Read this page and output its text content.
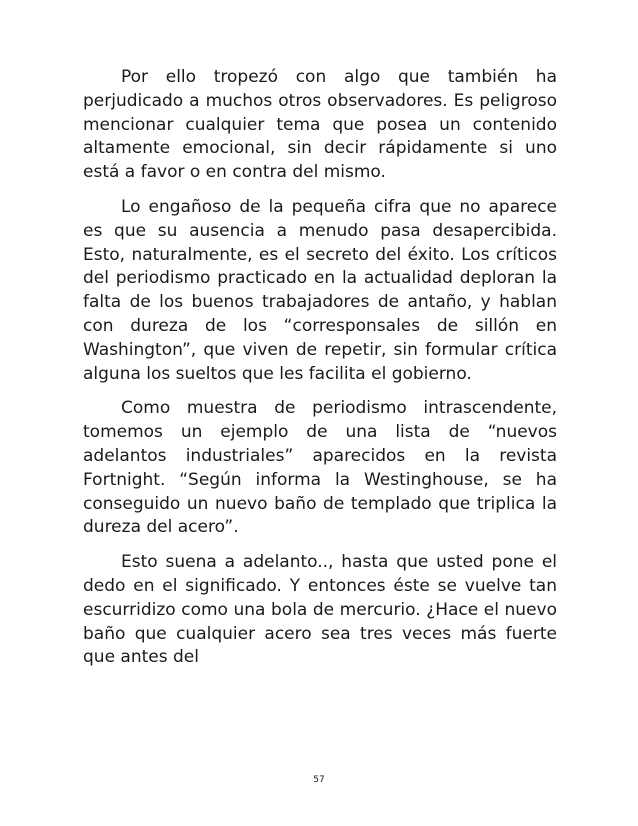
Por ello tropezó con algo que también ha perjudicado a muchos otros observadores. Es peligroso mencionar cualquier tema que posea un contenido altamente emocional, sin decir rápidamente si uno está a favor o en contra del mismo.

Lo engañoso de la pequeña cifra que no aparece es que su ausencia a menudo pasa desapercibida. Esto, naturalmente, es el secreto del éxito. Los críticos del periodismo practicado en la actualidad deploran la falta de los buenos trabajadores de antaño, y hablan con dureza de los “corresponsales de sillón en Washington”, que viven de repetir, sin formular crítica alguna los sueltos que les facilita el gobierno.

Como muestra de periodismo intrascendente, tomemos un ejemplo de una lista de “nuevos adelantos industriales” aparecidos en la revista Fortnight. “Según informa la Westinghouse, se ha conseguido un nuevo baño de templado que triplica la dureza del acero”.

Esto suena a adelanto.., hasta que usted pone el dedo en el significado. Y entonces éste se vuelve tan escurridizo como una bola de mercurio. ¿Hace el nuevo baño que cualquier acero sea tres veces más fuerte que antes del

57
